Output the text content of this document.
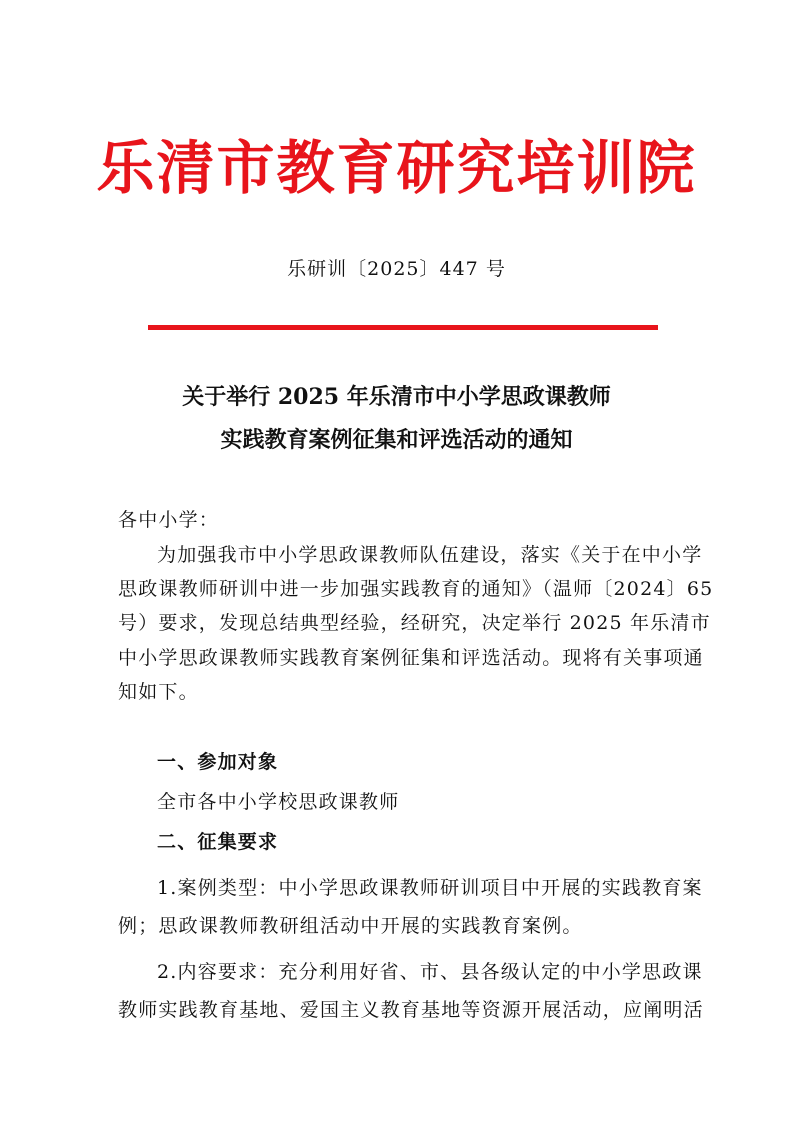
乐清市教育研究培训院
乐研训〔2025〕447 号
关于举行 2025 年乐清市中小学思政课教师
实践教育案例征集和评选活动的通知
各中小学：
为加强我市中小学思政课教师队伍建设，落实《关于在中小学
思政课教师研训中进一步加强实践教育的通知》（温师〔2024〕65
号）要求，发现总结典型经验，经研究，决定举行 2025 年乐清市
中小学思政课教师实践教育案例征集和评选活动。现将有关事项通
知如下。
一、参加对象
全市各中小学校思政课教师
二、征集要求
1.案例类型：中小学思政课教师研训项目中开展的实践教育案
例；思政课教师教研组活动中开展的实践教育案例。
2.内容要求：充分利用好省、市、县各级认定的中小学思政课
教师实践教育基地、爱国主义教育基地等资源开展活动，应阐明活
